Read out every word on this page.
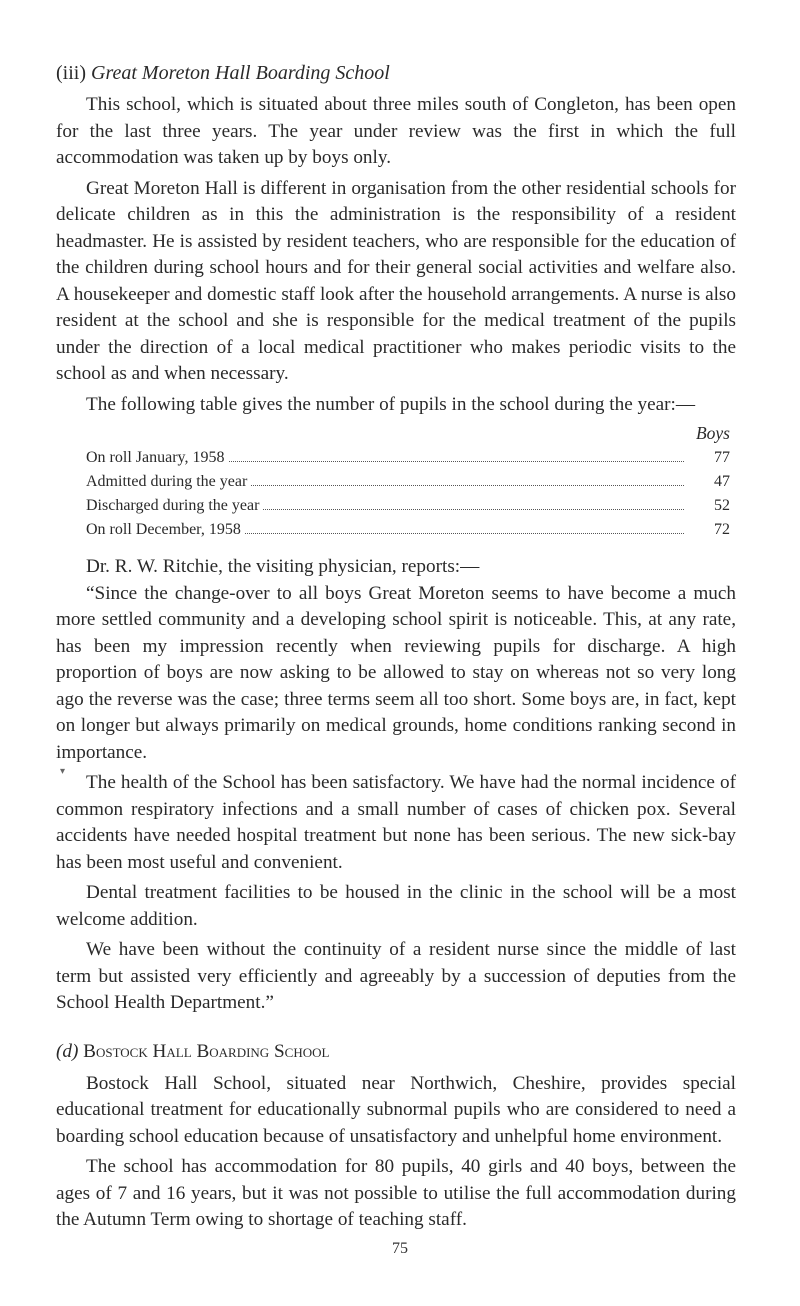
(iii) Great Moreton Hall Boarding School

This school, which is situated about three miles south of Congleton, has been open for the last three years. The year under review was the first in which the full accommodation was taken up by boys only.

Great Moreton Hall is different in organisation from the other residential schools for delicate children as in this the administration is the responsibility of a resident headmaster. He is assisted by resident teachers, who are responsible for the education of the children during school hours and for their general social activities and welfare also. A housekeeper and domestic staff look after the household arrangements. A nurse is also resident at the school and she is responsible for the medical treatment of the pupils under the direction of a local medical practitioner who makes periodic visits to the school as and when necessary.

The following table gives the number of pupils in the school during the year:—

Boys
On roll January, 1958	77
Admitted during the year	47
Discharged during the year	52
On roll December, 1958	72

Dr. R. W. Ritchie, the visiting physician, reports:—

“Since the change-over to all boys Great Moreton seems to have become a much more settled community and a developing school spirit is noticeable. This, at any rate, has been my impression recently when reviewing pupils for discharge. A high proportion of boys are now asking to be allowed to stay on whereas not so very long ago the reverse was the case; three terms seem all too short. Some boys are, in fact, kept on longer but always primarily on medical grounds, home conditions ranking second in importance.

The health of the School has been satisfactory. We have had the normal incidence of common respiratory infections and a small number of cases of chicken pox. Several accidents have needed hospital treatment but none has been serious. The new sick-bay has been most useful and convenient.

Dental treatment facilities to be housed in the clinic in the school will be a most welcome addition.

We have been without the continuity of a resident nurse since the middle of last term but assisted very efficiently and agreeably by a succession of deputies from the School Health Department.”

(d) Bostock Hall Boarding School

Bostock Hall School, situated near Northwich, Cheshire, provides special educational treatment for educationally subnormal pupils who are considered to need a boarding school education because of unsatisfactory and unhelpful home environment.

The school has accommodation for 80 pupils, 40 girls and 40 boys, between the ages of 7 and 16 years, but it was not possible to utilise the full accommodation during the Autumn Term owing to shortage of teaching staff.

▾
75
